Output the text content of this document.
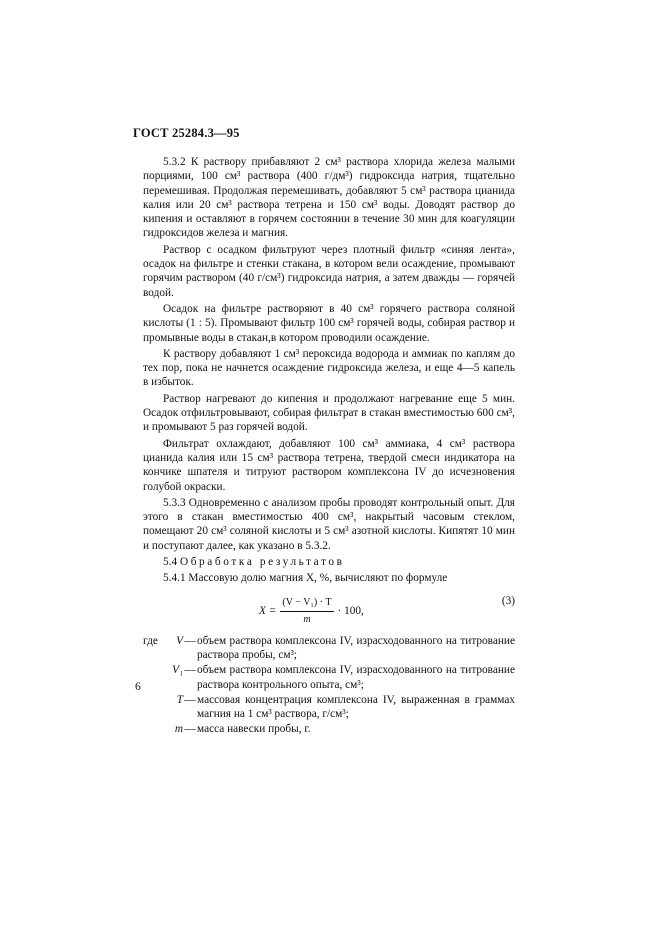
ГОСТ 25284.3—95

5.3.2 К раствору прибавляют 2 см³ раствора хлорида железа малыми порциями, 100 см³ раствора (400 г/дм³) гидроксида натрия, тщательно перемешивая. Продолжая перемешивать, добавляют 5 см³ раствора цианида калия или 20 см³ раствора тетрена и 150 см³ воды. Доводят раствор до кипения и оставляют в горячем состоянии в течение 30 мин для коагуляции гидроксидов железа и магния.

Раствор с осадком фильтруют через плотный фильтр «синяя лента», осадок на фильтре и стенки стакана, в котором вели осаждение, промывают горячим раствором (40 г/см³) гидроксида натрия, а затем дважды — горячей водой.

Осадок на фильтре растворяют в 40 см³ горячего раствора соляной кислоты (1 : 5). Промывают фильтр 100 см³ горячей воды, собирая раствор и промывные воды в стакан,в котором проводили осаждение.

К раствору добавляют 1 см³ пероксида водорода и аммиак по каплям до тех пор, пока не начнется осаждение гидроксида железа, и еще 4—5 капель в избыток.

Раствор нагревают до кипения и продолжают нагревание еще 5 мин. Осадок отфильтровывают, собирая фильтрат в стакан вместимостью 600 см³, и промывают 5 раз горячей водой.

Фильтрат охлаждают, добавляют 100 см³ аммиака, 4 см³ раствора цианида калия или 15 см³ раствора тетрена, твердой смеси индикатора на кончике шпателя и титруют раствором комплексона IV до исчезновения голубой окраски.

5.3.3 Одновременно с анализом пробы проводят контрольный опыт. Для этого в стакан вместимостью 400 см³, накрытый часовым стеклом, помещают 20 см³ соляной кислоты и 5 см³ азотной кислоты. Кипятят 10 мин и поступают далее, как указано в 5.3.2.

5.4 Обработка результатов

5.4.1 Массовую долю магния X, %, вычисляют по формуле

$X = \frac{\text{(V − V₁) · T}}{m} \cdot 100$,
(3)
где	V — объем раствора комплексона IV, израсходованного на титрование раствора пробы, см³;
V₁ — объем раствора комплексона IV, израсходованного на титрование раствора контрольного опыта, см³;
T — массовая концентрация комплексона IV, выраженная в граммах магния на 1 см³ раствора, г/см³;
m — масса навески пробы, г.
6
